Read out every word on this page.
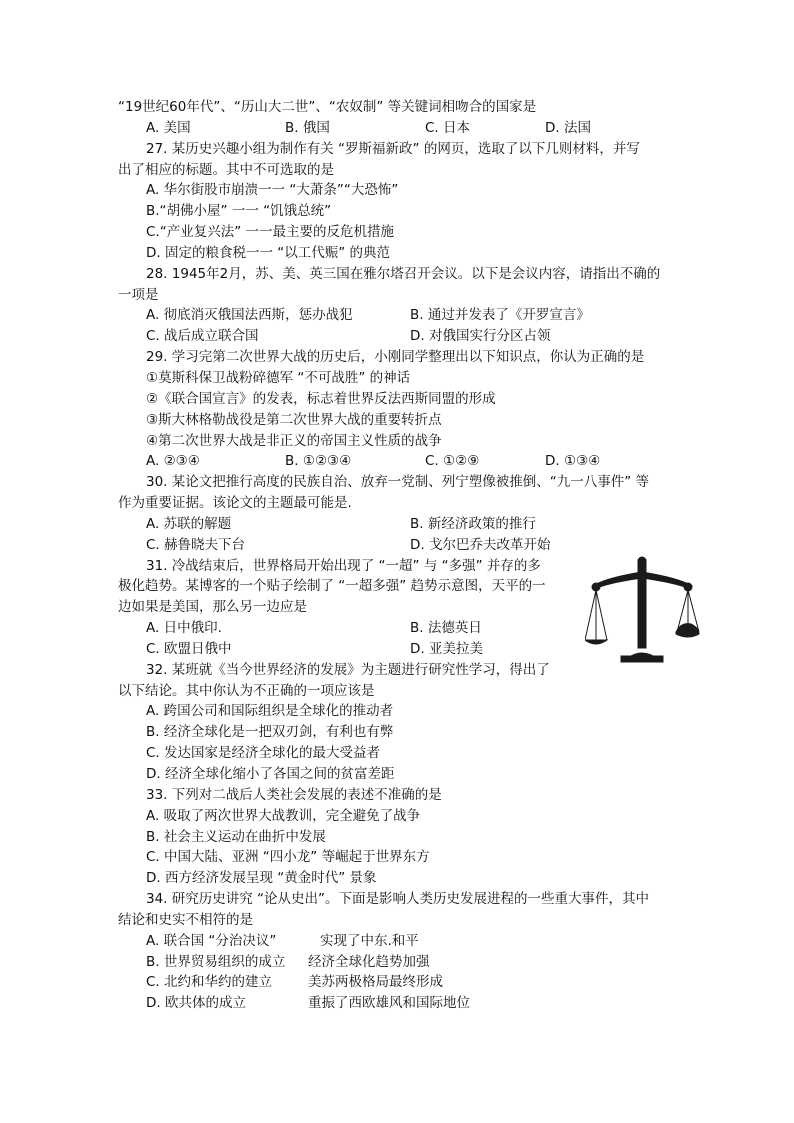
“19世纪60年代”、“历山大二世”、“农奴制” 等关键词相吻合的国家是
A. 美国	B. 俄国	C. 日本	D. 法国
27. 某历史兴趣小组为制作有关 “罗斯福新政” 的网页，选取了以下几则材料，并写
出了相应的标题。其中不可选取的是
A. 华尔街股市崩溃一一 “大萧条”“大恐怖”
B.“胡佛小屋” 一一 “饥饿总统”
C.“产业复兴法” 一一最主要的反危机措施
D. 固定的粮食税一一 “以工代赈” 的典范
28. 1945年2月，苏、美、英三国在雅尔塔召开会议。以下是会议内容，请指出不确的
一项是
A. 彻底消灭俄国法西斯，惩办战犯	B. 通过并发表了《开罗宣言》
C. 战后成立联合国	D. 对俄国实行分区占领
29. 学习完第二次世界大战的历史后，小刚同学整理出以下知识点，你认为正确的是
①莫斯科保卫战粉碎德军 “不可战胜” 的神话
②《联合国宣言》的发表，标志着世界反法西斯同盟的形成
③斯大林格勒战役是第二次世界大战的重要转折点
④第二次世界大战是非正义的帝国主义性质的战争
A. ②③④	B. ①②③④	C. ①②⑨	D. ①③④
30. 某论文把推行高度的民族自治、放弃一党制、列宁塑像被推倒、“九一八事件” 等
作为重要证据。该论文的主题最可能是.
A. 苏联的解题	B. 新经济政策的推行
C. 赫鲁晓夫下台	D. 戈尔巴乔夫改革开始
31. 冷战结束后，世界格局开始出现了 “一超” 与 “多强” 并存的多
极化趋势。某博客的一个贴子绘制了 “一超多强” 趋势示意图，天平的一
边如果是美国，那么另一边应是
A. 日中俄印.	B. 法德英日
C. 欧盟日俄中	D. 亚美拉美
32. 某班就《当今世界经济的发展》为主题进行研究性学习，得出了
以下结论。其中你认为不正确的一项应该是
A. 跨国公司和国际组织是全球化的推动者
B. 经济全球化是一把双刃剑，有利也有弊
C. 发达国家是经济全球化的最大受益者
D. 经济全球化缩小了各国之间的贫富差距
33. 下列对二战后人类社会发展的表述不准确的是
A. 吸取了两次世界大战教训，完全避免了战争
B. 社会主义运动在曲折中发展
C. 中国大陆、亚洲 “四小龙” 等崛起于世界东方
D. 西方经济发展呈现 “黄金时代” 景象
34. 研究历史讲究 “论从史出”。下面是影响人类历史发展进程的一些重大事件，其中
结论和史实不相符的是
A. 联合国 “分治决议”	实现了中东.和平
B. 世界贸易组织的成立 经济全球化趋势加强
C. 北约和华约的建立	美苏两极格局最终形成
D. 欧共体的成立	重振了西欧雄风和国际地位
